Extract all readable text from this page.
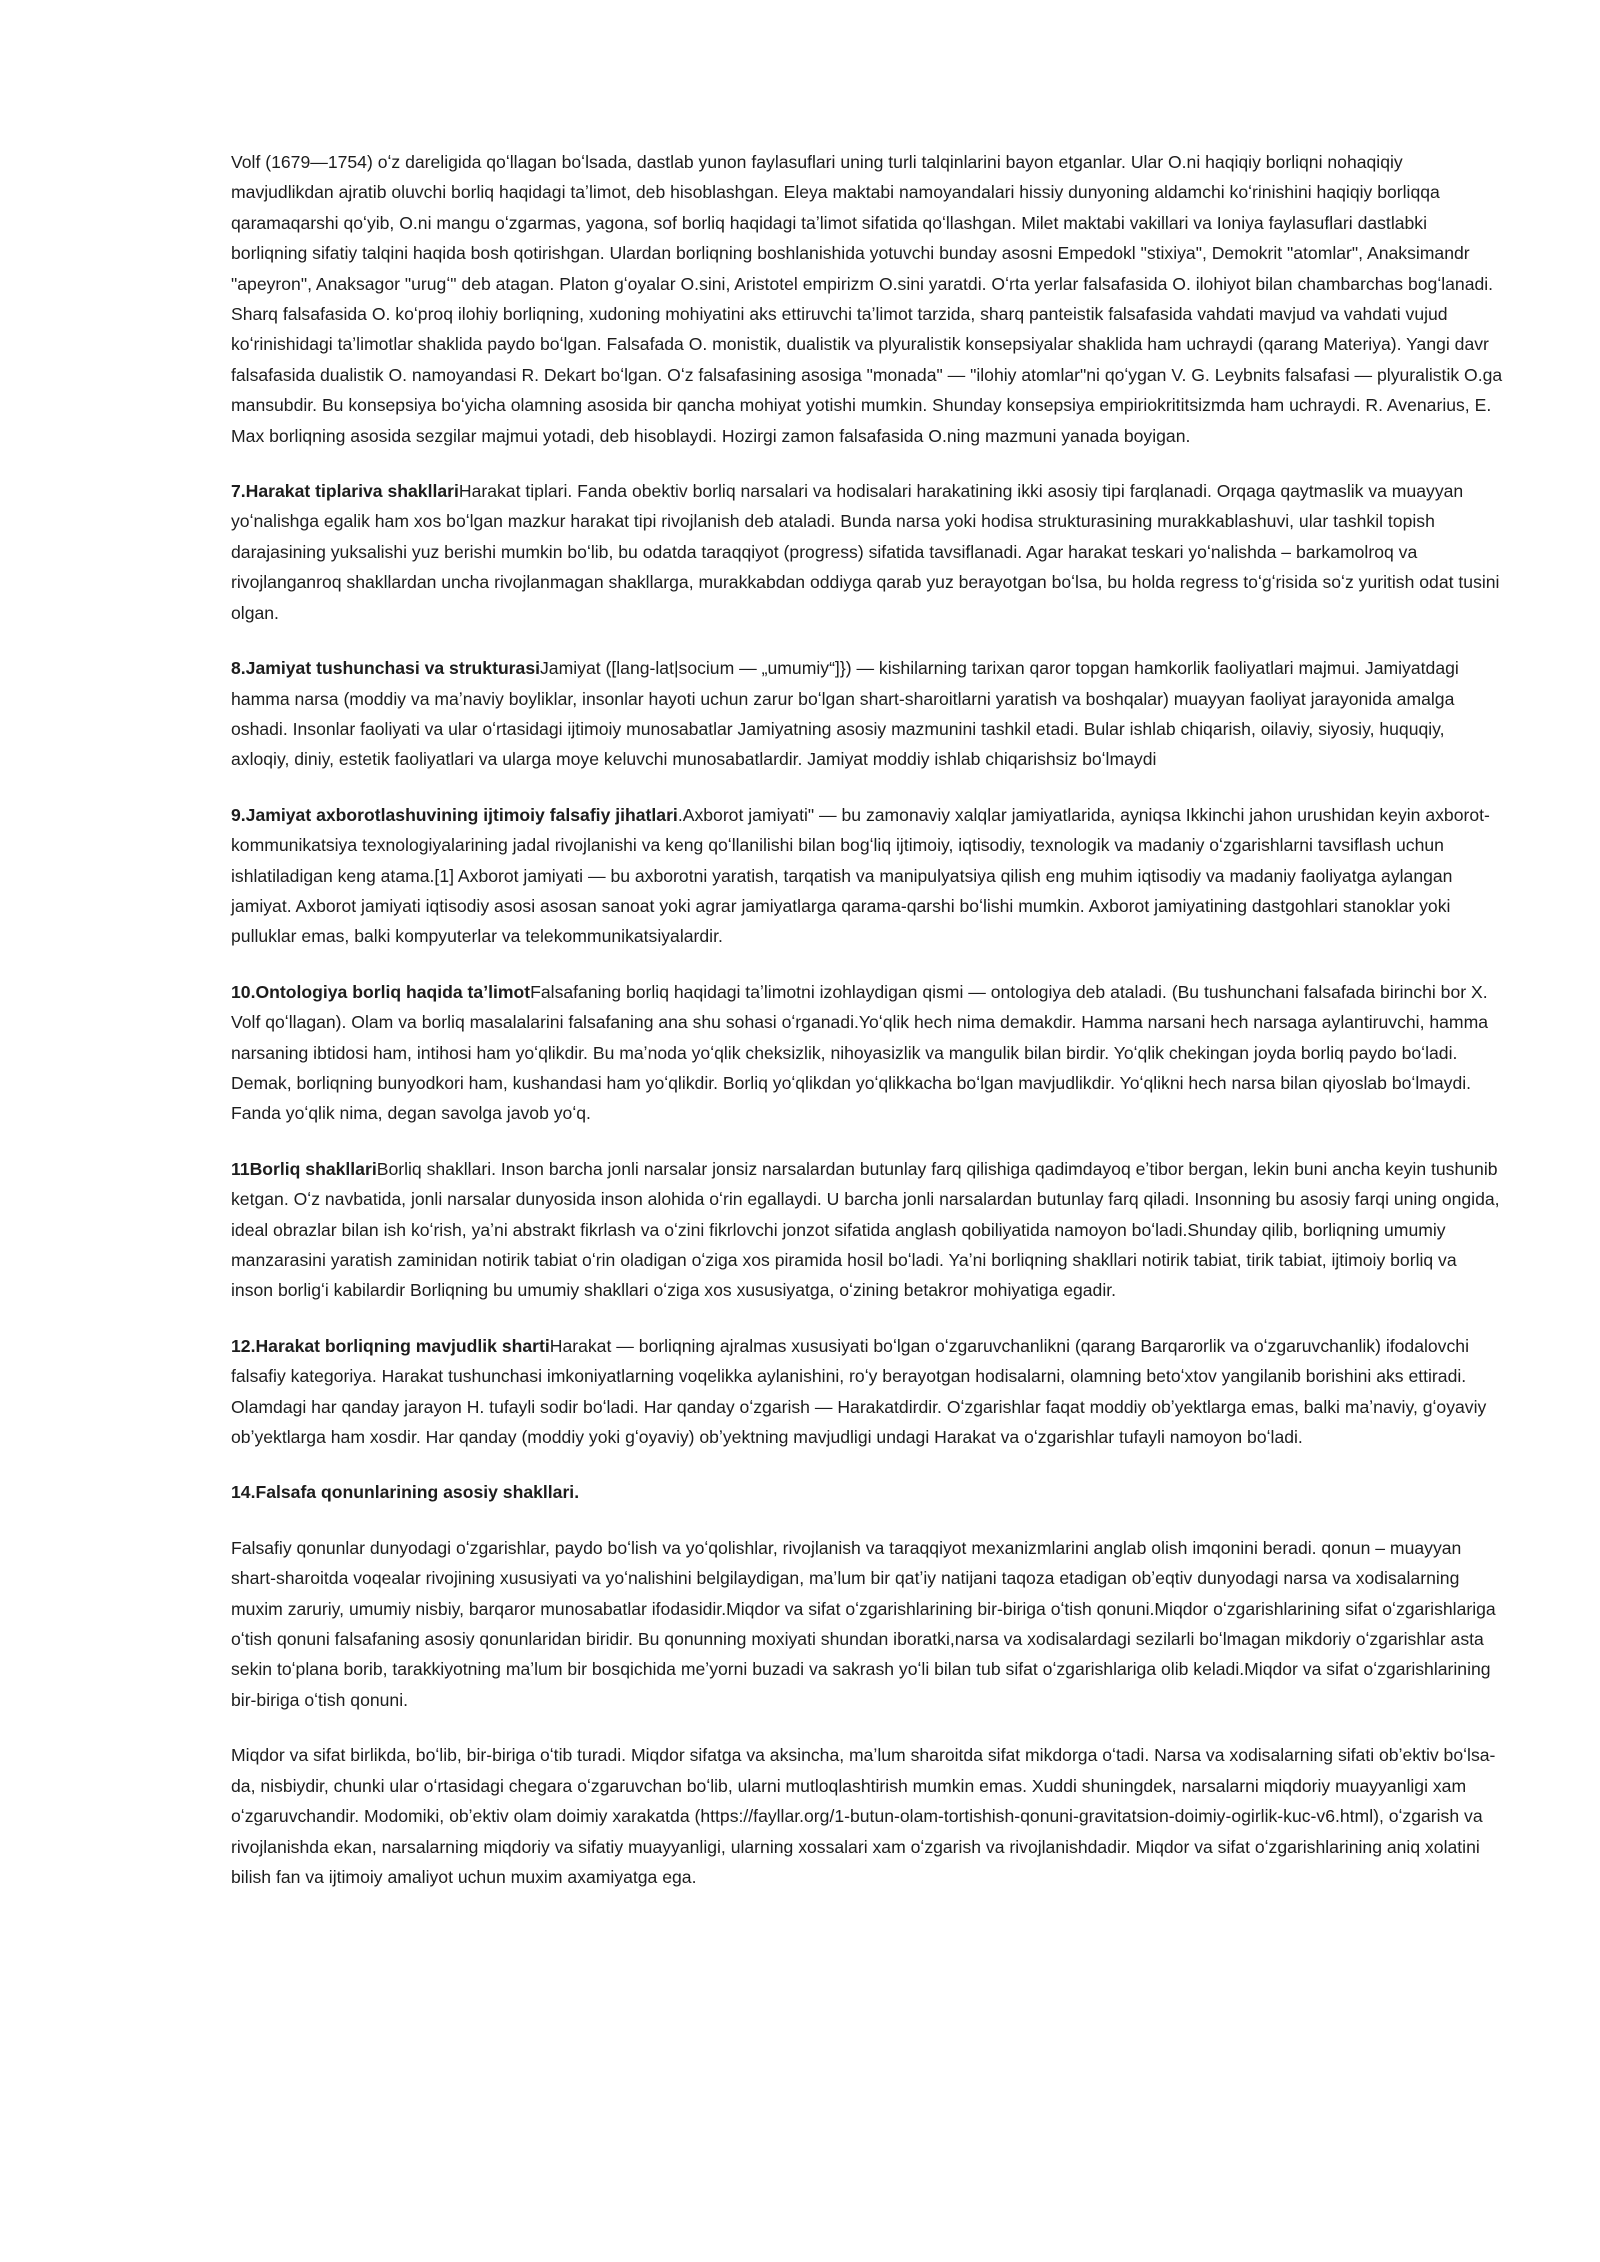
Volf (1679—1754) oʻz dareligida qoʻllagan boʻlsada, dastlab yunon faylasuflari uning turli talqinlarini bayon etganlar. Ular O.ni haqiqiy borliqni nohaqiqiy mavjudlikdan ajratib oluvchi borliq haqidagi taʼlimot, deb hisoblashgan. Eleya maktabi namoyandalari hissiy dunyoning aldamchi koʻrinishini haqiqiy borliqqa qaramaqarshi qoʻyib, O.ni mangu oʻzgarmas, yagona, sof borliq haqidagi taʼlimot sifatida qoʻllashgan. Milet maktabi vakillari va Ioniya faylasuflari dastlabki borliqning sifatiy talqini haqida bosh qotirishgan. Ulardan borliqning boshlanishida yotuvchi bunday asosni Empedokl "stixiya", Demokrit "atomlar", Anaksimandr "apeyron", Anaksagor "urugʻ" deb atagan. Platon gʻoyalar O.sini, Aristotel empirizm O.sini yaratdi. Oʻrta yerlar falsafasida O. ilohiyot bilan chambarchas bogʻlanadi. Sharq falsafasida O. koʻproq ilohiy borliqning, xudoning mohiyatini aks ettiruvchi taʼlimot tarzida, sharq panteistik falsafasida vahdati mavjud va vahdati vujud koʻrinishidagi taʼlimotlar shaklida paydo boʻlgan. Falsafada O. monistik, dualistik va plyuralistik konsepsiyalar shaklida ham uchraydi (qarang Materiya). Yangi davr falsafasida dualistik O. namoyandasi R. Dekart boʻlgan. Oʻz falsafasining asosiga "monada" — "ilohiy atomlar"ni qoʻygan V. G. Leybnits falsafasi — plyuralistik O.ga mansubdir. Bu konsepsiya boʻyicha olamning asosida bir qancha mohiyat yotishi mumkin. Shunday konsepsiya empiriokrititsizmda ham uchraydi. R. Avenarius, E. Max borliqning asosida sezgilar majmui yotadi, deb hisoblaydi. Hozirgi zamon falsafasida O.ning mazmuni yanada boyigan.

7.Harakat tiplariva shakllariHarakat tiplari. Fanda obektiv borliq narsalari va hodisalari harakatining ikki asosiy tipi farqlanadi. Orqaga qaytmaslik va muayyan yoʻnalishga egalik ham xos boʻlgan mazkur harakat tipi rivojlanish deb ataladi. Bunda narsa yoki hodisa strukturasining murakkablashuvi, ular tashkil topish darajasining yuksalishi yuz berishi mumkin boʻlib, bu odatda taraqqiyot (progress) sifatida tavsiflanadi. Agar harakat teskari yoʻnalishda – barkamolroq va rivojlanganroq shakllardan uncha rivojlanmagan shakllarga, murakkabdan oddiyga qarab yuz berayotgan boʻlsa, bu holda regress toʻgʻrisida soʻz yuritish odat tusini olgan.

8.Jamiyat tushunchasi va strukturasiJamiyat ([lang-lat|socium — „umumiy“]}) — kishilarning tarixan qaror topgan hamkorlik faoliyatlari majmui. Jamiyatdagi hamma narsa (moddiy va maʼnaviy boyliklar, insonlar hayoti uchun zarur boʻlgan shart-sharoitlarni yaratish va boshqalar) muayyan faoliyat jarayonida amalga oshadi. Insonlar faoliyati va ular oʻrtasidagi ijtimoiy munosabatlar Jamiyatning asosiy mazmunini tashkil etadi. Bular ishlab chiqarish, oilaviy, siyosiy, huquqiy, axloqiy, diniy, estetik faoliyatlari va ularga moye keluvchi munosabatlardir. Jamiyat moddiy ishlab chiqarishsiz boʻlmaydi

9.Jamiyat axborotlashuvining ijtimoiy falsafiy jihatlari.Axborot jamiyati" — bu zamonaviy xalqlar jamiyatlarida, ayniqsa Ikkinchi jahon urushidan keyin axborot-kommunikatsiya texnologiyalarining jadal rivojlanishi va keng qoʻllanilishi bilan bogʻliq ijtimoiy, iqtisodiy, texnologik va madaniy oʻzgarishlarni tavsiflash uchun ishlatiladigan keng atama.[1] Axborot jamiyati — bu axborotni yaratish, tarqatish va manipulyatsiya qilish eng muhim iqtisodiy va madaniy faoliyatga aylangan jamiyat. Axborot jamiyati iqtisodiy asosi asosan sanoat yoki agrar jamiyatlarga qarama-qarshi boʻlishi mumkin. Axborot jamiyatining dastgohlari stanoklar yoki pulluklar emas, balki kompyuterlar va telekommunikatsiyalardir.

10.Ontologiya borliq haqida taʼlimotFalsafaning borliq haqidagi taʼlimotni izohlaydigan qismi — ontologiya deb ataladi. (Bu tushunchani falsafada birinchi bor X. Volf qoʻllagan). Olam va borliq masalalarini falsafaning ana shu sohasi oʻrganadi.Yoʻqlik hech nima demakdir. Hamma narsani hech narsaga aylantiruvchi, hamma narsaning ibtidosi ham, intihosi ham yoʻqlikdir. Bu maʼnoda yoʻqlik cheksizlik, nihoyasizlik va mangulik bilan birdir. Yoʻqlik chekingan joyda borliq paydo boʻladi. Demak, borliqning bunyodkori ham, kushandasi ham yoʻqlikdir. Borliq yoʻqlikdan yoʻqlikkacha boʻlgan mavjudlikdir. Yoʻqlikni hech narsa bilan qiyoslab boʻlmaydi. Fanda yoʻqlik nima, degan savolga javob yoʻq.

11Borliq shakllariBorliq shakllari. Inson barcha jonli narsalar jonsiz narsalardan butunlay farq qilishiga qadimdayoq eʼtibor bergan, lekin buni ancha keyin tushunib ketgan. Oʻz navbatida, jonli narsalar dunyosida inson alohida oʻrin egallaydi. U barcha jonli narsalardan butunlay farq qiladi. Insonning bu asosiy farqi uning ongida, ideal obrazlar bilan ish koʻrish, yaʼni abstrakt fikrlash va oʻzini fikrlovchi jonzot sifatida anglash qobiliyatida namoyon boʻladi.Shunday qilib, borliqning umumiy manzarasini yaratish zaminidan notirik tabiat oʻrin oladigan oʻziga xos piramida hosil boʻladi. Yaʼni borliqning shakllari notirik tabiat, tirik tabiat, ijtimoiy borliq va inson borligʻi kabilardir Borliqning bu umumiy shakllari oʻziga xos xususiyatga, oʻzining betakror mohiyatiga egadir.

12.Harakat borliqning mavjudlik shartiHarakat — borliqning ajralmas xususiyati boʻlgan oʻzgaruvchanlikni (qarang Barqarorlik va oʻzgaruvchanlik) ifodalovchi falsafiy kategoriya. Harakat tushunchasi imkoniyatlarning voqelikka aylanishini, roʻy berayotgan hodisalarni, olamning betoʻxtov yangilanib borishini aks ettiradi. Olamdagi har qanday jarayon H. tufayli sodir boʻladi. Har qanday oʻzgarish — Harakatdirdir. Oʻzgarishlar faqat moddiy obʼyektlarga emas, balki maʼnaviy, gʻoyaviy obʼyektlarga ham xosdir. Har qanday (moddiy yoki gʻoyaviy) obʼyektning mavjudligi undagi Harakat va oʻzgarishlar tufayli namoyon boʻladi.

14.Falsafa qonunlarining asosiy shakllari.

Falsafiy qonunlar dunyodagi oʻzgarishlar, paydo boʻlish va yoʻqolishlar, rivojlanish va taraqqiyot mexanizmlarini anglab olish imqonini beradi. qonun – muayyan shart-sharoitda voqealar rivojining xususiyati va yoʻnalishini belgilaydigan, maʼlum bir qatʼiy natijani taqoza etadigan obʼeqtiv dunyodagi narsa va xodisalarning muxim zaruriy, umumiy nisbiy, barqaror munosabatlar ifodasidir.Miqdor va sifat oʻzgarishlarining bir-biriga oʻtish qonuni.Miqdor oʻzgarishlarining sifat oʻzgarishlariga oʻtish qonuni falsafaning asosiy qonunlaridan biridir. Bu qonunning moxiyati shundan iboratki,narsa va xodisalardagi sezilarli boʻlmagan mikdoriy oʻzgarishlar asta sekin toʻplana borib, tarakkiyotning maʼlum bir bosqichida meʼyorni buzadi va sakrash yoʻli bilan tub sifat oʻzgarishlariga olib keladi.Miqdor va sifat oʻzgarishlarining bir-biriga oʻtish qonuni.

Miqdor va sifat birlikda, boʻlib, bir-biriga oʻtib turadi. Miqdor sifatga va aksincha, maʼlum sharoitda sifat mikdorga oʻtadi. Narsa va xodisalarning sifati obʼektiv boʻlsa-da, nisbiydir, chunki ular oʻrtasidagi chegara oʻzgaruvchan boʻlib, ularni mutloqlashtirish mumkin emas. Xuddi shuningdek, narsalarni miqdoriy muayyanligi xam oʻzgaruvchandir. Modomiki, obʼektiv olam doimiy xarakatda (https://fayllar.org/1-butun-olam-tortishish-qonuni-gravitatsion-doimiy-ogirlik-kuc-v6.html), oʻzgarish va rivojlanishda ekan, narsalarning miqdoriy va sifatiy muayyanligi, ularning xossalari xam oʻzgarish va rivojlanishdadir. Miqdor va sifat oʻzgarishlarining aniq xolatini bilish fan va ijtimoiy amaliyot uchun muxim axamiyatga ega.
